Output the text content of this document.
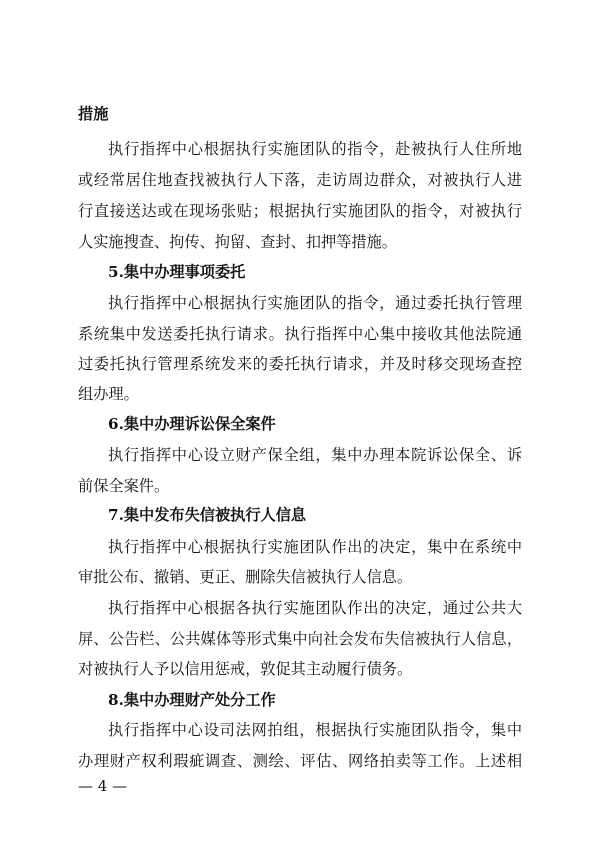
措施
执行指挥中心根据执行实施团队的指令，赴被执行人住所地
或经常居住地查找被执行人下落，走访周边群众，对被执行人进
行直接送达或在现场张贴；根据执行实施团队的指令，对被执行
人实施搜查、拘传、拘留、查封、扣押等措施。
5.集中办理事项委托
执行指挥中心根据执行实施团队的指令，通过委托执行管理
系统集中发送委托执行请求。执行指挥中心集中接收其他法院通
过委托执行管理系统发来的委托执行请求，并及时移交现场查控
组办理。
6.集中办理诉讼保全案件
执行指挥中心设立财产保全组，集中办理本院诉讼保全、诉
前保全案件。
7.集中发布失信被执行人信息
执行指挥中心根据执行实施团队作出的决定，集中在系统中
审批公布、撤销、更正、删除失信被执行人信息。
执行指挥中心根据各执行实施团队作出的决定，通过公共大
屏、公告栏、公共媒体等形式集中向社会发布失信被执行人信息，
对被执行人予以信用惩戒，敦促其主动履行债务。
8.集中办理财产处分工作
执行指挥中心设司法网拍组，根据执行实施团队指令，集中
办理财产权利瑕疵调查、测绘、评估、网络拍卖等工作。上述相
— 4 —
